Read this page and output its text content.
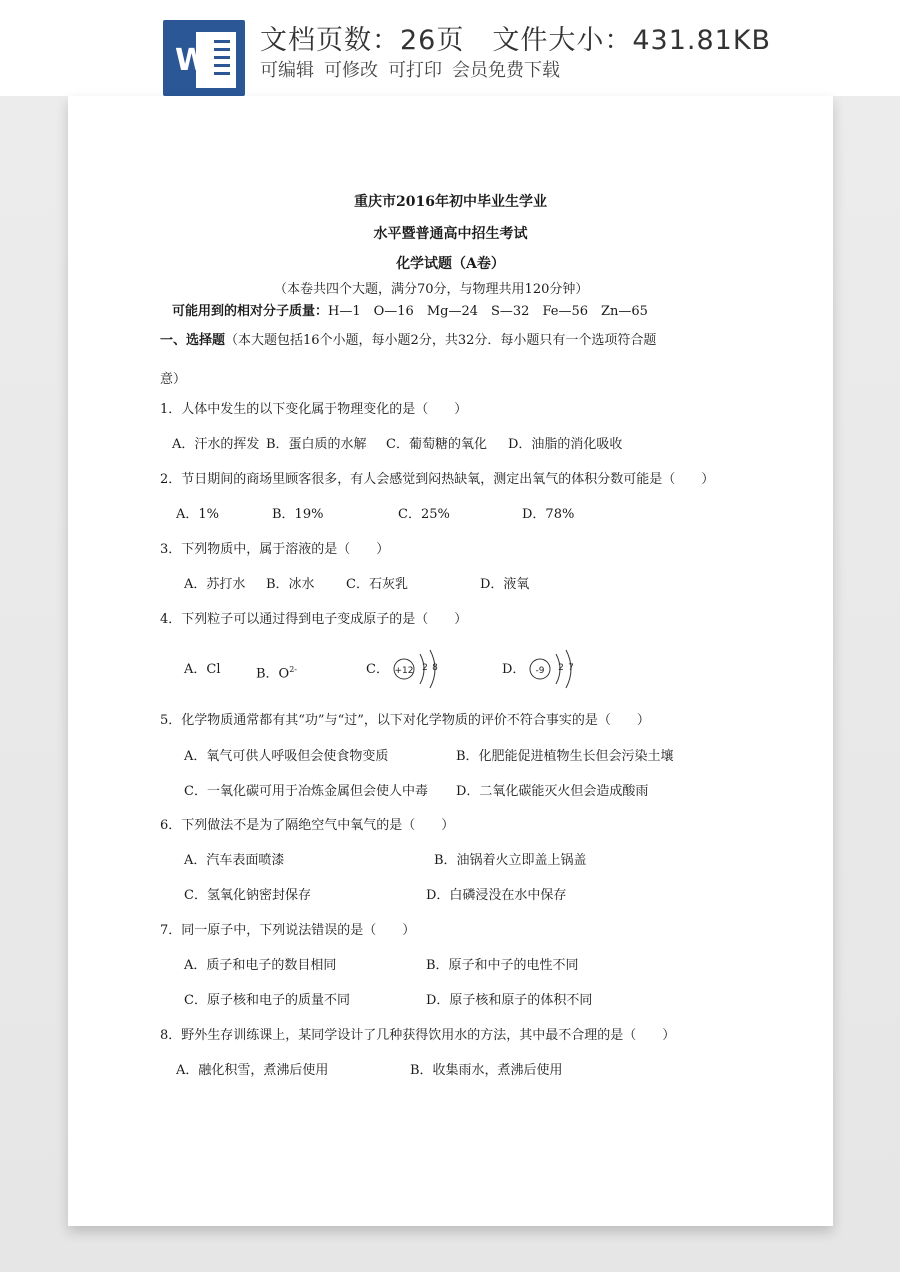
W
文档页数：26页 文件大小：431.81KB
可编辑 可修改 可打印 会员免费下载
重庆市2016年初中毕业生学业
水平暨普通高中招生考试
化学试题（A卷）
（本卷共四个大题，满分70分，与物理共用120分钟）
可能用到的相对分子质量：H—1　O—16　Mg—24　S—32　Fe—56　Zn—65
一、选择题（本大题包括16个小题，每小题2分，共32分．每小题只有一个选项符合题
意）
1．人体中发生的以下变化属于物理变化的是（　　）
A．汗水的挥发 B．蛋白质的水解 C．葡萄糖的氧化 D．油脂的消化吸收
2．节日期间的商场里顾客很多，有人会感觉到闷热缺氧，测定出氧气的体积分数可能是（　　）
A．1%	B．19%	C．25%	D．78%
3．下列物质中，属于溶液的是（　　）
A．苏打水 B．冰水 C．石灰乳	D．液氧
4．下列粒子可以通过得到电子变成原子的是（　　）
A．Cl	B．$O^{2-}$	C． +12 2 8	D． -9 2 7
5．化学物质通常都有其“功”与“过”，以下对化学物质的评价不符合事实的是（　　）
A．氧气可供人呼吸但会使食物变质	B．化肥能促进植物生长但会污染土壤
C．一氧化碳可用于冶炼金属但会使人中毒 D．二氧化碳能灭火但会造成酸雨
6．下列做法不是为了隔绝空气中氧气的是（　　）
A．汽车表面喷漆	B．油锅着火立即盖上锅盖
C．氢氧化钠密封保存	D．白磷浸没在水中保存
7．同一原子中，下列说法错误的是（　　）
A．质子和电子的数目相同	B．原子和中子的电性不同
C．原子核和电子的质量不同	D．原子核和原子的体积不同
8．野外生存训练课上，某同学设计了几种获得饮用水的方法，其中最不合理的是（　　）
A．融化积雪，煮沸后使用	B．收集雨水，煮沸后使用
